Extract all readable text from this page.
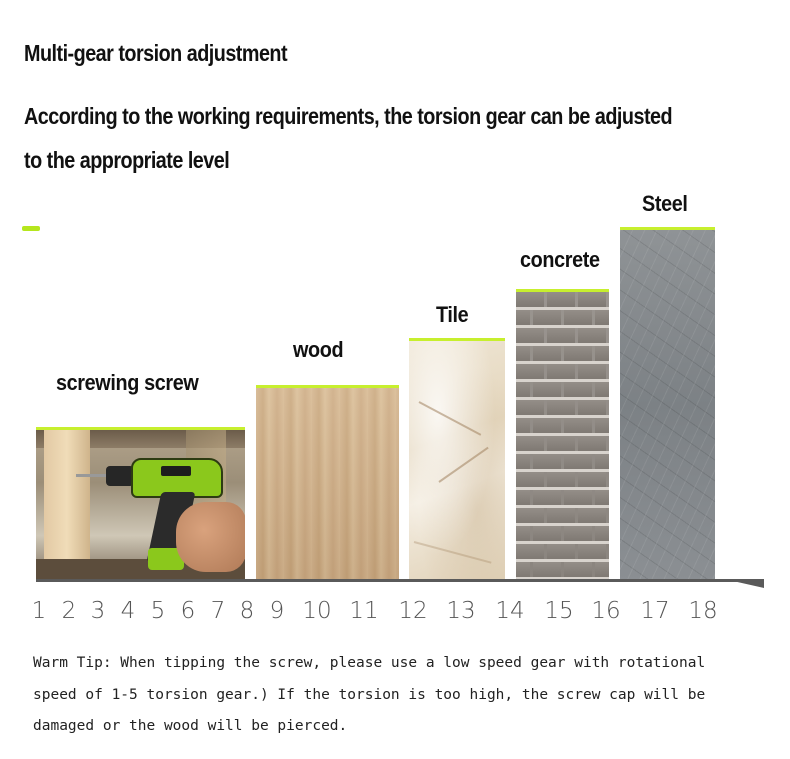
Multi-gear torsion adjustment
According to the working requirements, the torsion gear can be adjusted
to the appropriate level
screwing screw
wood
Tile
concrete
Steel
1 2 3 4 5 6 7 8 9 10 11 12 13 14 15 16 17 18
Warm Tip: When tipping the screw, please use a low speed gear with rotational
speed of 1-5 torsion gear.) If the torsion is too high, the screw cap will be
damaged or the wood will be pierced.
